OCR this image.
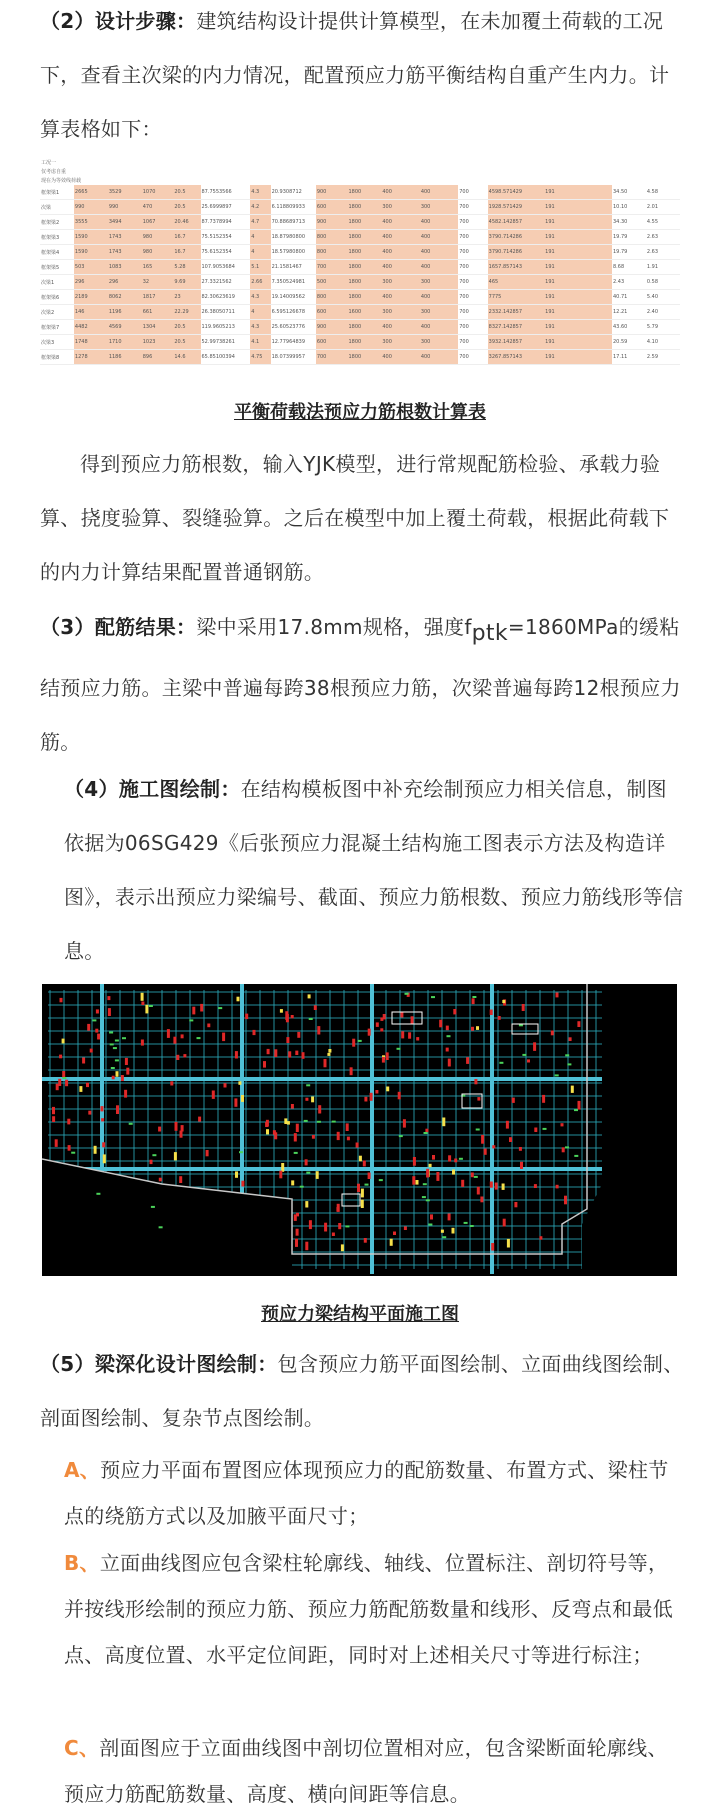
（2）设计步骤：建筑结构设计提供计算模型，在未加覆土荷载的工况下，查看主次梁的内力情况，配置预应力筋平衡结构自重产生内力。计算表格如下：

工况一																
仅考虑自重																
现在为等效线荷载																
框架梁1	2665	3529	1070	20.5	87.7553566	4.3	20.9308712	900	1800	400	400	700	4598.571429	191	34.50	4.58
次梁	990	990	470	20.5	25.6999897	4.2	6.118809933	600	1800	300	300	700	1928.571429	191	10.10	2.01
框架梁2	3555	3494	1067	20.46	87.7378994	4.7	70.88689713	900	1800	400	400	700	4582.142857	191	34.30	4.55
框架梁3	1590	1743	980	16.7	75.5152354	4	18.87980800	800	1800	400	400	700	3790.714286	191	19.79	2.63
框架梁4	1590	1743	980	16.7	75.6152354	4	18.57980800	800	1800	400	400	700	3790.714286	191	19.79	2.63
框架梁5	503	1083	165	5.28	107.9053684	5.1	21.1581467	700	1800	400	400	700	1657.857143	191	8.68	1.91
次梁1	296	296	32	9.69	27.3321562	2.66	7.350524981	500	1800	300	300	700	465	191	2.43	0.58
框架梁6	2189	8062	1817	23	82.30623619	4.3	19.14009562	800	1800	400	400	700	7775	191	40.71	5.40
次梁2	146	1196	661	22.29	26.38050711	4	6.595126678	600	1600	300	300	700	2332.142857	191	12.21	2.40
框架梁7	4482	4569	1304	20.5	119.9605213	4.3	25.60523776	900	1800	400	400	700	8327.142857	191	43.60	5.79
次梁3	1748	1710	1023	20.5	52.99738261	4.1	12.77964839	600	1800	300	300	700	3932.142857	191	20.59	4.10
框架梁8	1278	1186	896	14.6	65.85100394	4.75	18.07399957	700	1800	400	400	700	3267.857143	191	17.11	2.59
平衡荷载法预应力筋根数计算表

得到预应力筋根数，输入YJK模型，进行常规配筋检验、承载力验算、挠度验算、裂缝验算。之后在模型中加上覆土荷载，根据此荷载下的内力计算结果配置普通钢筋。

（3）配筋结果：梁中采用17.8mm规格，强度$f_{ptk}=1860MPa$的缓粘结预应力筋。主梁中普遍每跨38根预应力筋，次梁普遍每跨12根预应力筋。

（4）施工图绘制：在结构模板图中补充绘制预应力相关信息，制图依据为06SG429《后张预应力混凝土结构施工图表示方法及构造详图》，表示出预应力梁编号、截面、预应力筋根数、预应力筋线形等信息。

预应力梁结构平面施工图

（5）梁深化设计图绘制：包含预应力筋平面图绘制、立面曲线图绘制、剖面图绘制、复杂节点图绘制。

A、预应力平面布置图应体现预应力的配筋数量、布置方式、梁柱节点的绕筋方式以及加腋平面尺寸；

B、立面曲线图应包含梁柱轮廓线、轴线、位置标注、剖切符号等，并按线形绘制的预应力筋、预应力筋配筋数量和线形、反弯点和最低点、高度位置、水平定位间距，同时对上述相关尺寸等进行标注；

C、剖面图应于立面曲线图中剖切位置相对应，包含梁断面轮廓线、预应力筋配筋数量、高度、横向间距等信息。
